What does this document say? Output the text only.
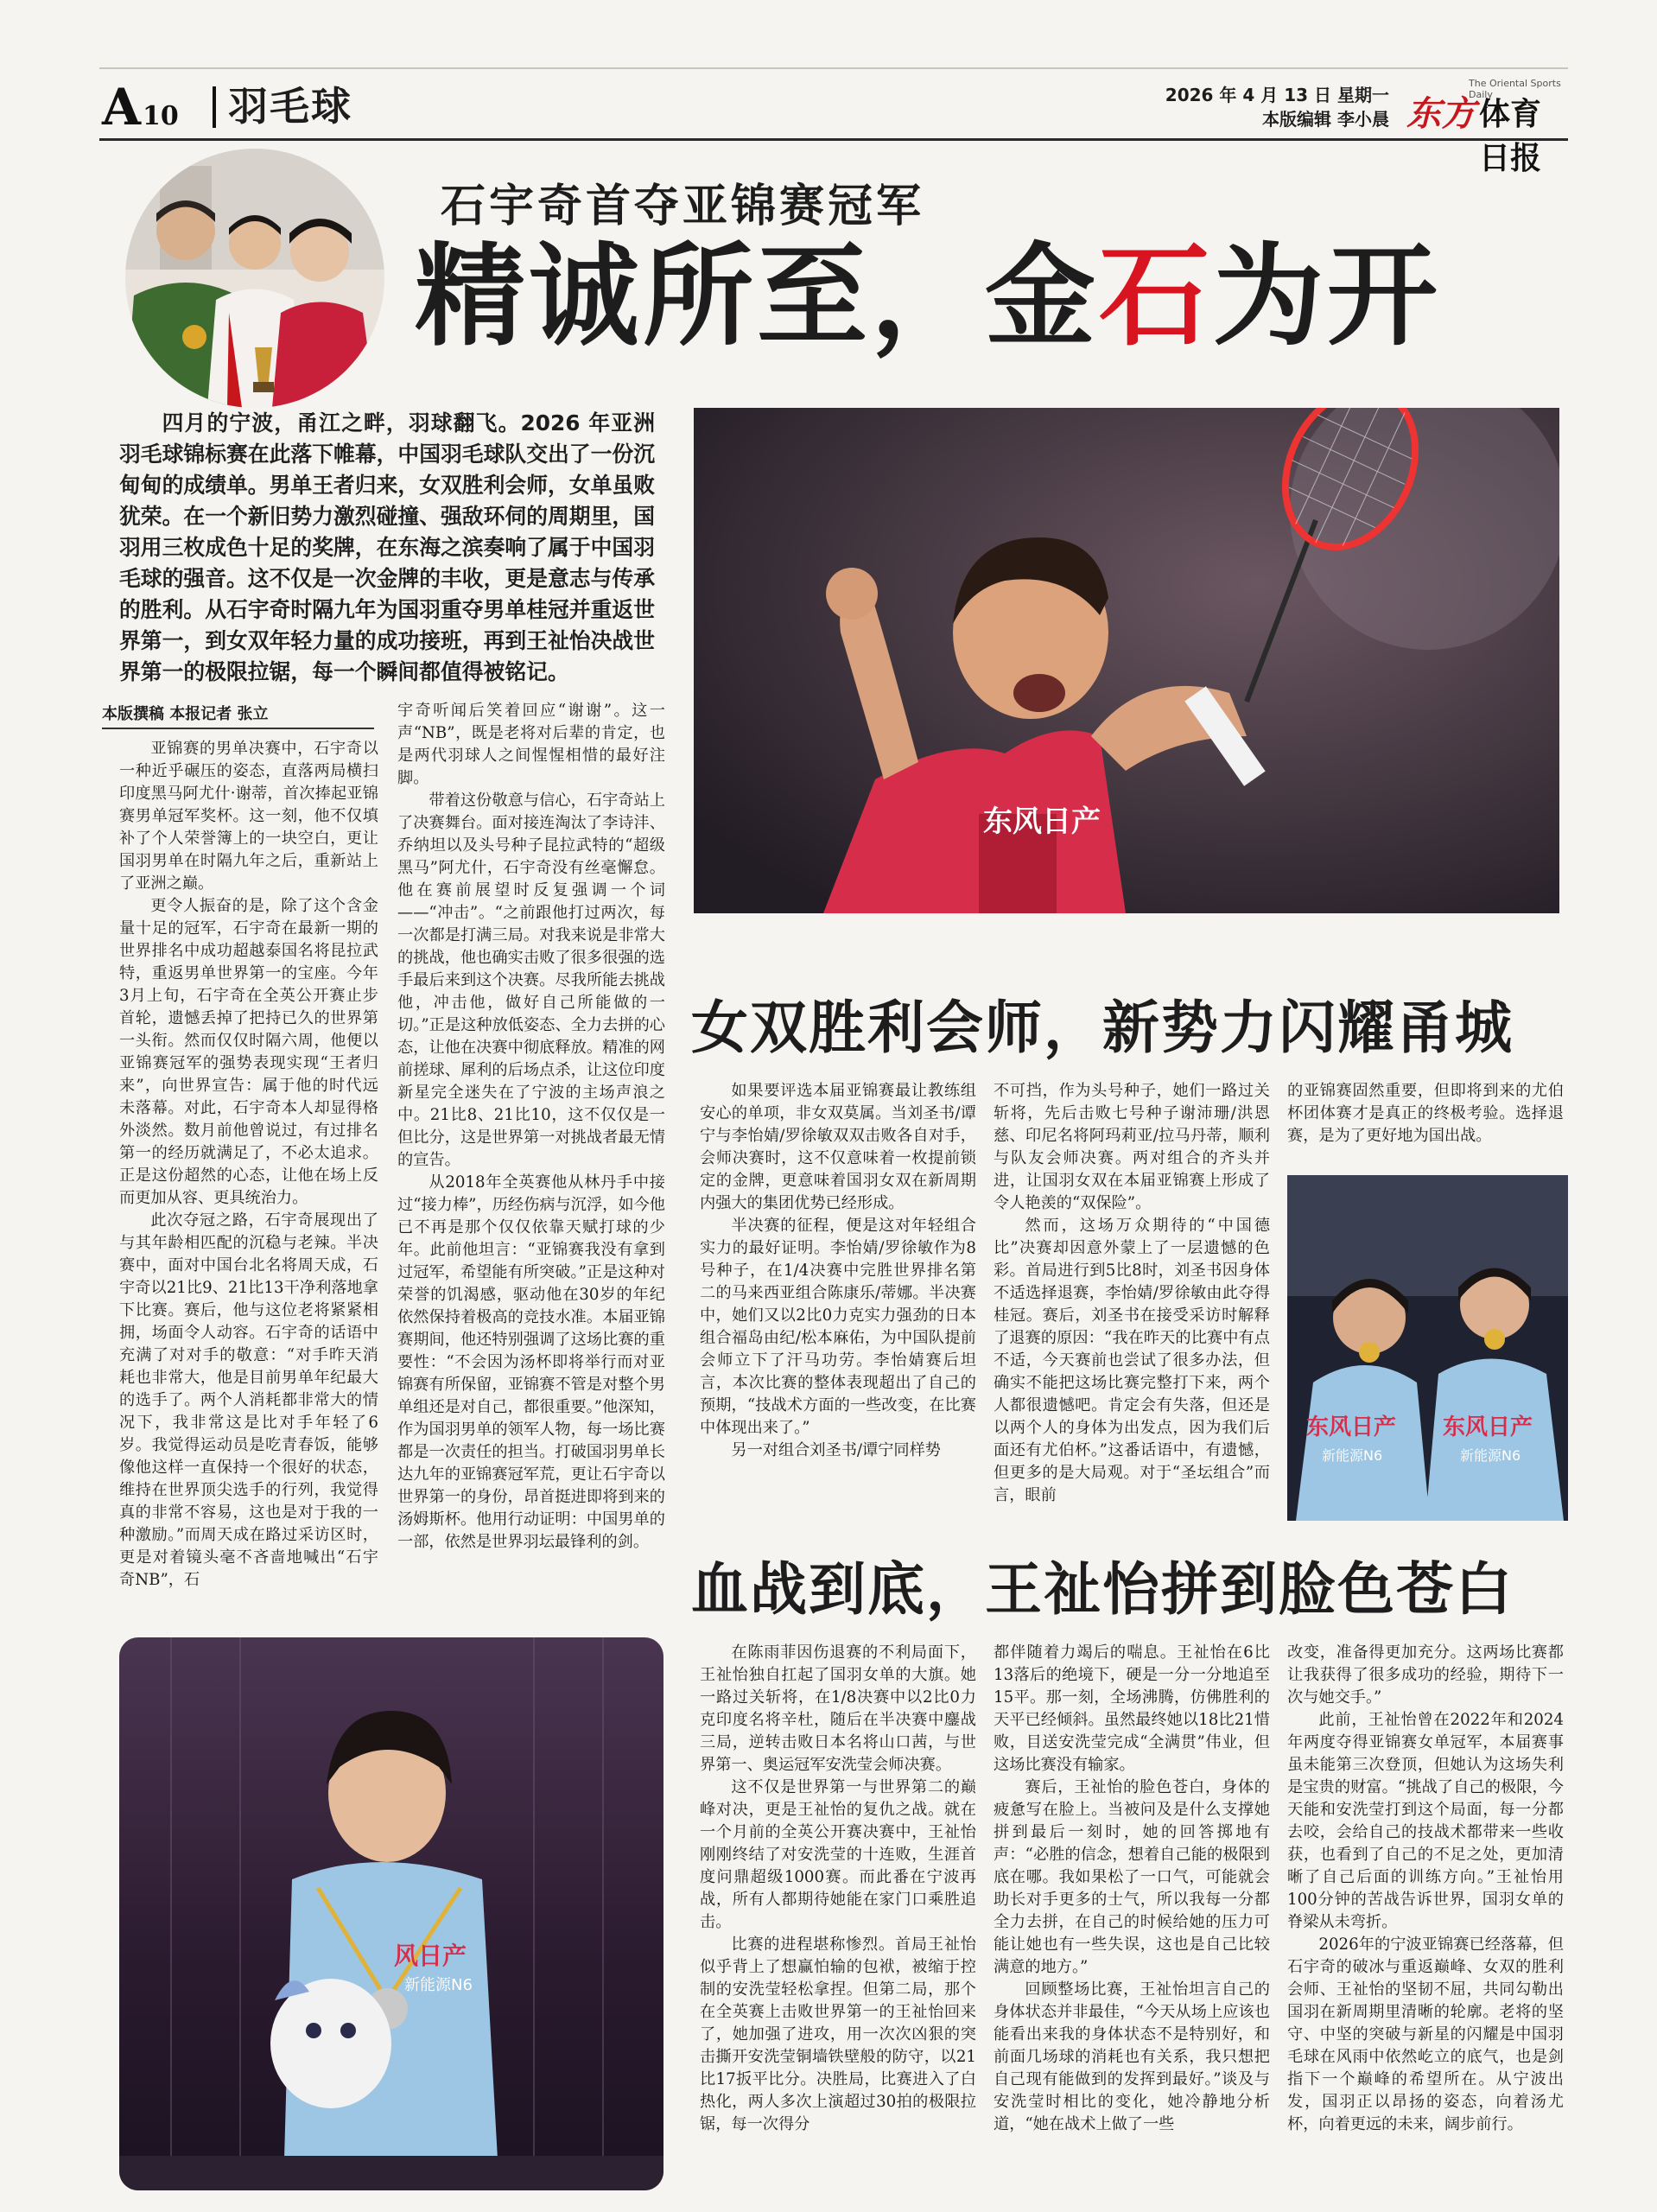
A10 羽毛球	2026 年 4 月 13 日 星期一
本版编辑 李小晨
The Oriental Sports Daily
东方 体育日报
石宇奇首夺亚锦赛冠军
精诚所至，金石为开
四月的宁波，甬江之畔，羽球翻飞。2026 年亚洲羽毛球锦标赛在此落下帷幕，中国羽毛球队交出了一份沉甸甸的成绩单。男单王者归来，女双胜利会师，女单虽败犹荣。在一个新旧势力激烈碰撞、强敌环伺的周期里，国羽用三枚成色十足的奖牌，在东海之滨奏响了属于中国羽毛球的强音。这不仅是一次金牌的丰收，更是意志与传承的胜利。从石宇奇时隔九年为国羽重夺男单桂冠并重返世界第一，到女双年轻力量的成功接班，再到王祉怡决战世界第一的极限拉锯，每一个瞬间都值得被铭记。
东风日产
本版撰稿 本报记者 张立

亚锦赛的男单决赛中，石宇奇以一种近乎碾压的姿态，直落两局横扫印度黑马阿尤什·谢蒂，首次捧起亚锦赛男单冠军奖杯。这一刻，他不仅填补了个人荣誉簿上的一块空白，更让国羽男单在时隔九年之后，重新站上了亚洲之巅。

更令人振奋的是，除了这个含金量十足的冠军，石宇奇在最新一期的世界排名中成功超越泰国名将昆拉武特，重返男单世界第一的宝座。今年3月上旬，石宇奇在全英公开赛止步首轮，遗憾丢掉了把持已久的世界第一头衔。然而仅仅时隔六周，他便以亚锦赛冠军的强势表现实现“王者归来”，向世界宣告：属于他的时代远未落幕。对此，石宇奇本人却显得格外淡然。数月前他曾说过，有过排名第一的经历就满足了，不必太追求。正是这份超然的心态，让他在场上反而更加从容、更具统治力。

此次夺冠之路，石宇奇展现出了与其年龄相匹配的沉稳与老辣。半决赛中，面对中国台北名将周天成，石宇奇以21比9、21比13干净利落地拿下比赛。赛后，他与这位老将紧紧相拥，场面令人动容。石宇奇的话语中充满了对对手的敬意：“对手昨天消耗也非常大，他是目前男单年纪最大的选手了。两个人消耗都非常大的情况下，我非常这是比对手年轻了6岁。我觉得运动员是吃青春饭，能够像他这样一直保持一个很好的状态，维持在世界顶尖选手的行列，我觉得真的非常不容易，这也是对于我的一种激励。”而周天成在路过采访区时，更是对着镜头毫不吝啬地喊出“石宇奇NB”，石

宇奇听闻后笑着回应“谢谢”。这一声“NB”，既是老将对后辈的肯定，也是两代羽球人之间惺惺相惜的最好注脚。

带着这份敬意与信心，石宇奇站上了决赛舞台。面对接连淘汰了李诗沣、乔纳坦以及头号种子昆拉武特的“超级黑马”阿尤什，石宇奇没有丝毫懈怠。他在赛前展望时反复强调一个词——“冲击”。“之前跟他打过两次，每一次都是打满三局。对我来说是非常大的挑战，他也确实击败了很多很强的选手最后来到这个决赛。尽我所能去挑战他，冲击他，做好自己所能做的一切。”正是这种放低姿态、全力去拼的心态，让他在决赛中彻底释放。精准的网前搓球、犀利的后场点杀，让这位印度新星完全迷失在了宁波的主场声浪之中。21比8、21比10，这不仅仅是一但比分，这是世界第一对挑战者最无情的宣告。

从2018年全英赛他从林丹手中接过“接力棒”，历经伤病与沉浮，如今他已不再是那个仅仅依靠天赋打球的少年。此前他坦言：“亚锦赛我没有拿到过冠军，希望能有所突破。”正是这种对荣誉的饥渴感，驱动他在30岁的年纪依然保持着极高的竞技水准。本届亚锦赛期间，他还特别强调了这场比赛的重要性：“不会因为汤杯即将举行而对亚锦赛有所保留，亚锦赛不管是对整个男单组还是对自己，都很重要。”他深知，作为国羽男单的领军人物，每一场比赛都是一次责任的担当。打破国羽男单长达九年的亚锦赛冠军荒，更让石宇奇以世界第一的身份，昂首挺进即将到来的汤姆斯杯。他用行动证明：中国男单的一部，依然是世界羽坛最锋利的剑。

女双胜利会师，新势力闪耀甬城

如果要评选本届亚锦赛最让教练组安心的单项，非女双莫属。当刘圣书/谭宁与李怡婧/罗徐敏双双击败各自对手，会师决赛时，这不仅意味着一枚提前锁定的金牌，更意味着国羽女双在新周期内强大的集团优势已经形成。

半决赛的征程，便是这对年轻组合实力的最好证明。李怡婧/罗徐敏作为8号种子，在1/4决赛中完胜世界排名第二的马来西亚组合陈康乐/蒂娜。半决赛中，她们又以2比0力克实力强劲的日本组合福岛由纪/松本麻佑，为中国队提前会师立下了汗马功劳。李怡婧赛后坦言，本次比赛的整体表现超出了自己的预期，“技战术方面的一些改变，在比赛中体现出来了。”

另一对组合刘圣书/谭宁同样势

不可挡，作为头号种子，她们一路过关斩将，先后击败七号种子谢沛珊/洪恩慈、印尼名将阿玛莉亚/拉马丹蒂，顺利与队友会师决赛。两对组合的齐头并进，让国羽女双在本届亚锦赛上形成了令人艳羡的“双保险”。

然而，这场万众期待的“中国德比”决赛却因意外蒙上了一层遗憾的色彩。首局进行到5比8时，刘圣书因身体不适选择退赛，李怡婧/罗徐敏由此夺得桂冠。赛后，刘圣书在接受采访时解释了退赛的原因：“我在昨天的比赛中有点不适，今天赛前也尝试了很多办法，但确实不能把这场比赛完整打下来，两个人都很遗憾吧。肯定会有失落，但还是以两个人的身体为出发点，因为我们后面还有尤伯杯。”这番话语中，有遗憾，但更多的是大局观。对于“圣坛组合”而言，眼前

的亚锦赛固然重要，但即将到来的尤伯杯团体赛才是真正的终极考验。选择退赛，是为了更好地为国出战。

东风日产 东风日产
新能源N6	新能源N6
血战到底，王祉怡拼到脸色苍白

在陈雨菲因伤退赛的不利局面下，王祉怡独自扛起了国羽女单的大旗。她一路过关斩将，在1/8决赛中以2比0力克印度名将辛杜，随后在半决赛中鏖战三局，逆转击败日本名将山口茜，与世界第一、奥运冠军安洗莹会师决赛。

这不仅是世界第一与世界第二的巅峰对决，更是王祉怡的复仇之战。就在一个月前的全英公开赛决赛中，王祉怡刚刚终结了对安洗莹的十连败，生涯首度问鼎超级1000赛。而此番在宁波再战，所有人都期待她能在家门口乘胜追击。

比赛的进程堪称惨烈。首局王祉怡似乎背上了想赢怕输的包袱，被缩于控制的安洗莹轻松拿捏。但第二局，那个在全英赛上击败世界第一的王祉怡回来了，她加强了进攻，用一次次凶狠的突击撕开安洗莹铜墙铁壁般的防守，以21比17扳平比分。决胜局，比赛进入了白热化，两人多次上演超过30拍的极限拉锯，每一次得分

都伴随着力竭后的喘息。王祉怡在6比13落后的绝境下，硬是一分一分地追至15平。那一刻，全场沸腾，仿佛胜利的天平已经倾斜。虽然最终她以18比21惜败，目送安洗莹完成“全满贯”伟业，但这场比赛没有输家。

赛后，王祉怡的脸色苍白，身体的疲惫写在脸上。当被问及是什么支撑她拼到最后一刻时，她的回答掷地有声：“必胜的信念，想着自己能的极限到底在哪。我如果松了一口气，可能就会助长对手更多的士气，所以我每一分都全力去拼，在自己的时候给她的压力可能让她也有一些失误，这也是自己比较满意的地方。”

回顾整场比赛，王祉怡坦言自己的身体状态并非最佳，“今天从场上应该也能看出来我的身体状态不是特别好，和前面几场球的消耗也有关系，我只想把自己现有能做到的发挥到最好。”谈及与安洗莹时相比的变化，她冷静地分析道，“她在战术上做了一些

改变，准备得更加充分。这两场比赛都让我获得了很多成功的经验，期待下一次与她交手。”

此前，王祉怡曾在2022年和2024年两度夺得亚锦赛女单冠军，本届赛事虽未能第三次登顶，但她认为这场失利是宝贵的财富。“挑战了自己的极限，今天能和安洗莹打到这个局面，每一分都去咬，会给自己的技战术都带来一些收获，也看到了自己的不足之处，更加清晰了自己后面的训练方向。”王祉怡用100分钟的苦战告诉世界，国羽女单的脊梁从未弯折。

2026年的宁波亚锦赛已经落幕，但石宇奇的破冰与重返巅峰、女双的胜利会师、王祉怡的坚韧不屈，共同勾勒出国羽在新周期里清晰的轮廓。老将的坚守、中坚的突破与新星的闪耀是中国羽毛球在风雨中依然屹立的底气，也是剑指下一个巅峰的希望所在。从宁波出发，国羽正以昂扬的姿态，向着汤尤杯，向着更远的未来，阔步前行。

风日产
新能源N6
